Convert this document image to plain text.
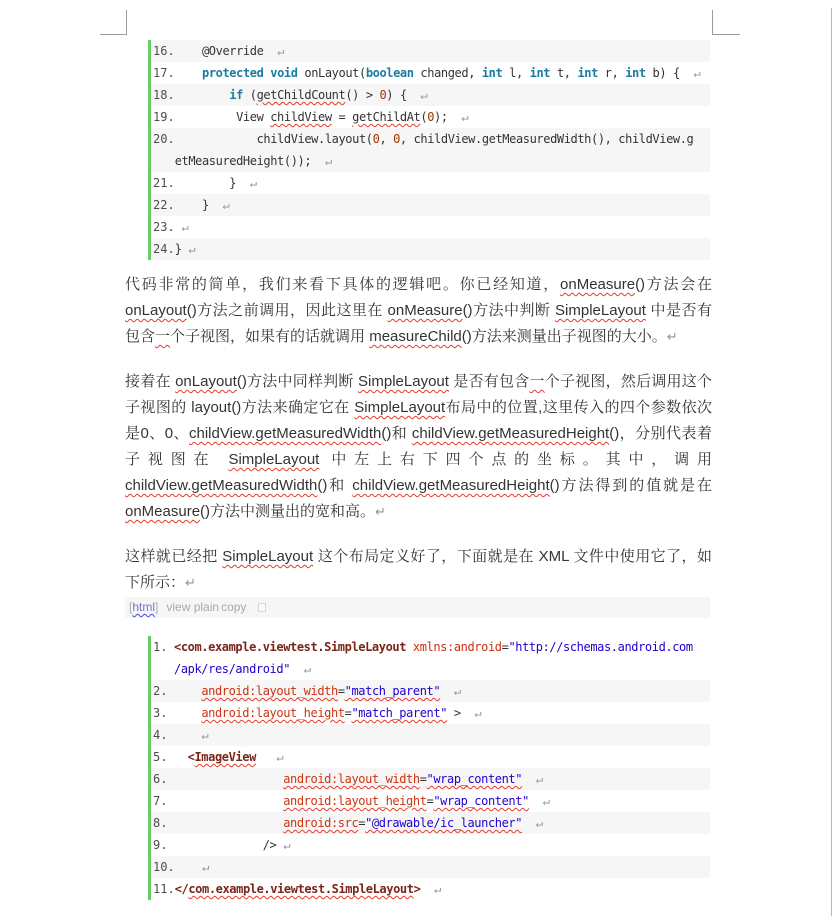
16. @Override  ↵
17.	protected void onLayout(boolean changed, int l, int t, int r, int b) {  ↵
18.	if (getChildCount() > 0) {  ↵
19. View childView = getChildAt(0);  ↵
20. childView.layout(0, 0, childView.getMeasuredWidth(), childView.g
etMeasuredHeight());  ↵
21. }  ↵
22. }  ↵
23. ↵
24. } ↵

代码非常的简单，我们来看下具体的逻辑吧。你已经知道，onMeasure()方法会在 onLayout()方法之前调用，因此这里在 onMeasure()方法中判断 SimpleLayout 中是否有包含一个子视图，如果有的话就调用 measureChild()方法来测量出子视图的大小。↵

接着在 onLayout()方法中同样判断 SimpleLayout 是否有包含一个子视图，然后调用这个子视图的 layout()方法来确定它在 SimpleLayout布局中的位置,这里传入的四个参数依次是0、0、childView.getMeasuredWidth()和 childView.getMeasuredHeight()，分别代表着子视图在 SimpleLayout 中左上右下四个点的坐标。其中，调用 childView.getMeasuredWidth()和 childView.getMeasuredHeight()方法得到的值就是在 onMeasure()方法中测量出的宽和高。↵

这样就已经把 SimpleLayout 这个布局定义好了，下面就是在 XML 文件中使用它了，如下所示：↵

[html] view plain copy
1. <com.example.viewtest.SimpleLayout xmlns:android="http://schemas.android.com
/apk/res/android" ↵
2.	android:layout_width="match_parent" ↵
3.	android:layout_height="match_parent" >  ↵
4.	↵
5.	<ImageView ↵
6.	android:layout_width="wrap_content" ↵
7.	android:layout_height="wrap_content" ↵
8.	android:src="@drawable/ic_launcher" ↵
9. /> ↵
10.	↵
11. </com.example.viewtest.SimpleLayout> ↵
